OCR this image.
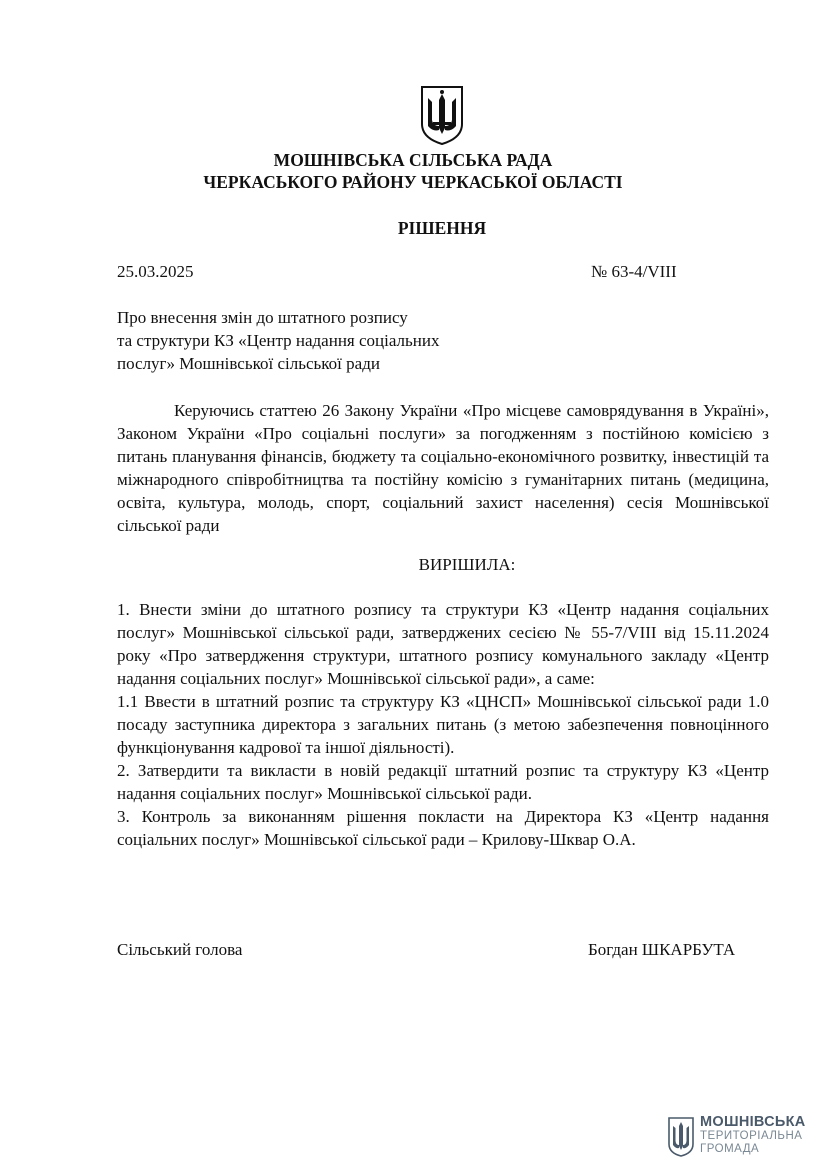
МОШНІВСЬКА СІЛЬСЬКА РАДА
ЧЕРКАСЬКОГО РАЙОНУ ЧЕРКАСЬКОЇ ОБЛАСТІ
РІШЕННЯ
25.03.2025	№ 63-4/VIII
Про внесення змін до штатного розпису
та структури КЗ «Центр надання соціальних
послуг» Мошнівської сільської ради

Керуючись статтею 26 Закону України «Про місцеве самоврядування в Україні», Законом України «Про соціальні послуги» за погодженням з постійною комісією з питань планування фінансів, бюджету та соціально-економічного розвитку, інвестицій та міжнародного співробітництва та постійну комісію з гуманітарних питань (медицина, освіта, культура, молодь, спорт, соціальний захист населення) сесія Мошнівської сільської ради

ВИРІШИЛА:
1. Внести зміни до штатного розпису та структури КЗ «Центр надання соціальних послуг» Мошнівської сільської ради, затверджених сесією № 55-7/VIII від 15.11.2024 року «Про затвердження структури, штатного розпису комунального закладу «Центр надання соціальних послуг» Мошнівської сільської ради», а саме:
1.1 Ввести в штатний розпис та структуру КЗ «ЦНСП» Мошнівської сільської ради 1.0 посаду заступника директора з загальних питань (з метою забезпечення повноцінного функціонування кадрової та іншої діяльності).
2. Затвердити та викласти в новій редакції штатний розпис та структуру КЗ «Центр надання соціальних послуг» Мошнівської сільської ради.
3. Контроль за виконанням рішення покласти на Директора КЗ «Центр надання соціальних послуг» Мошнівської сільської ради – Крилову-Шквар О.А.
Сільський голова	Богдан ШКАРБУТА
МОШНІВСЬКА
ТЕРИТОРІАЛЬНА
ГРОМАДА
